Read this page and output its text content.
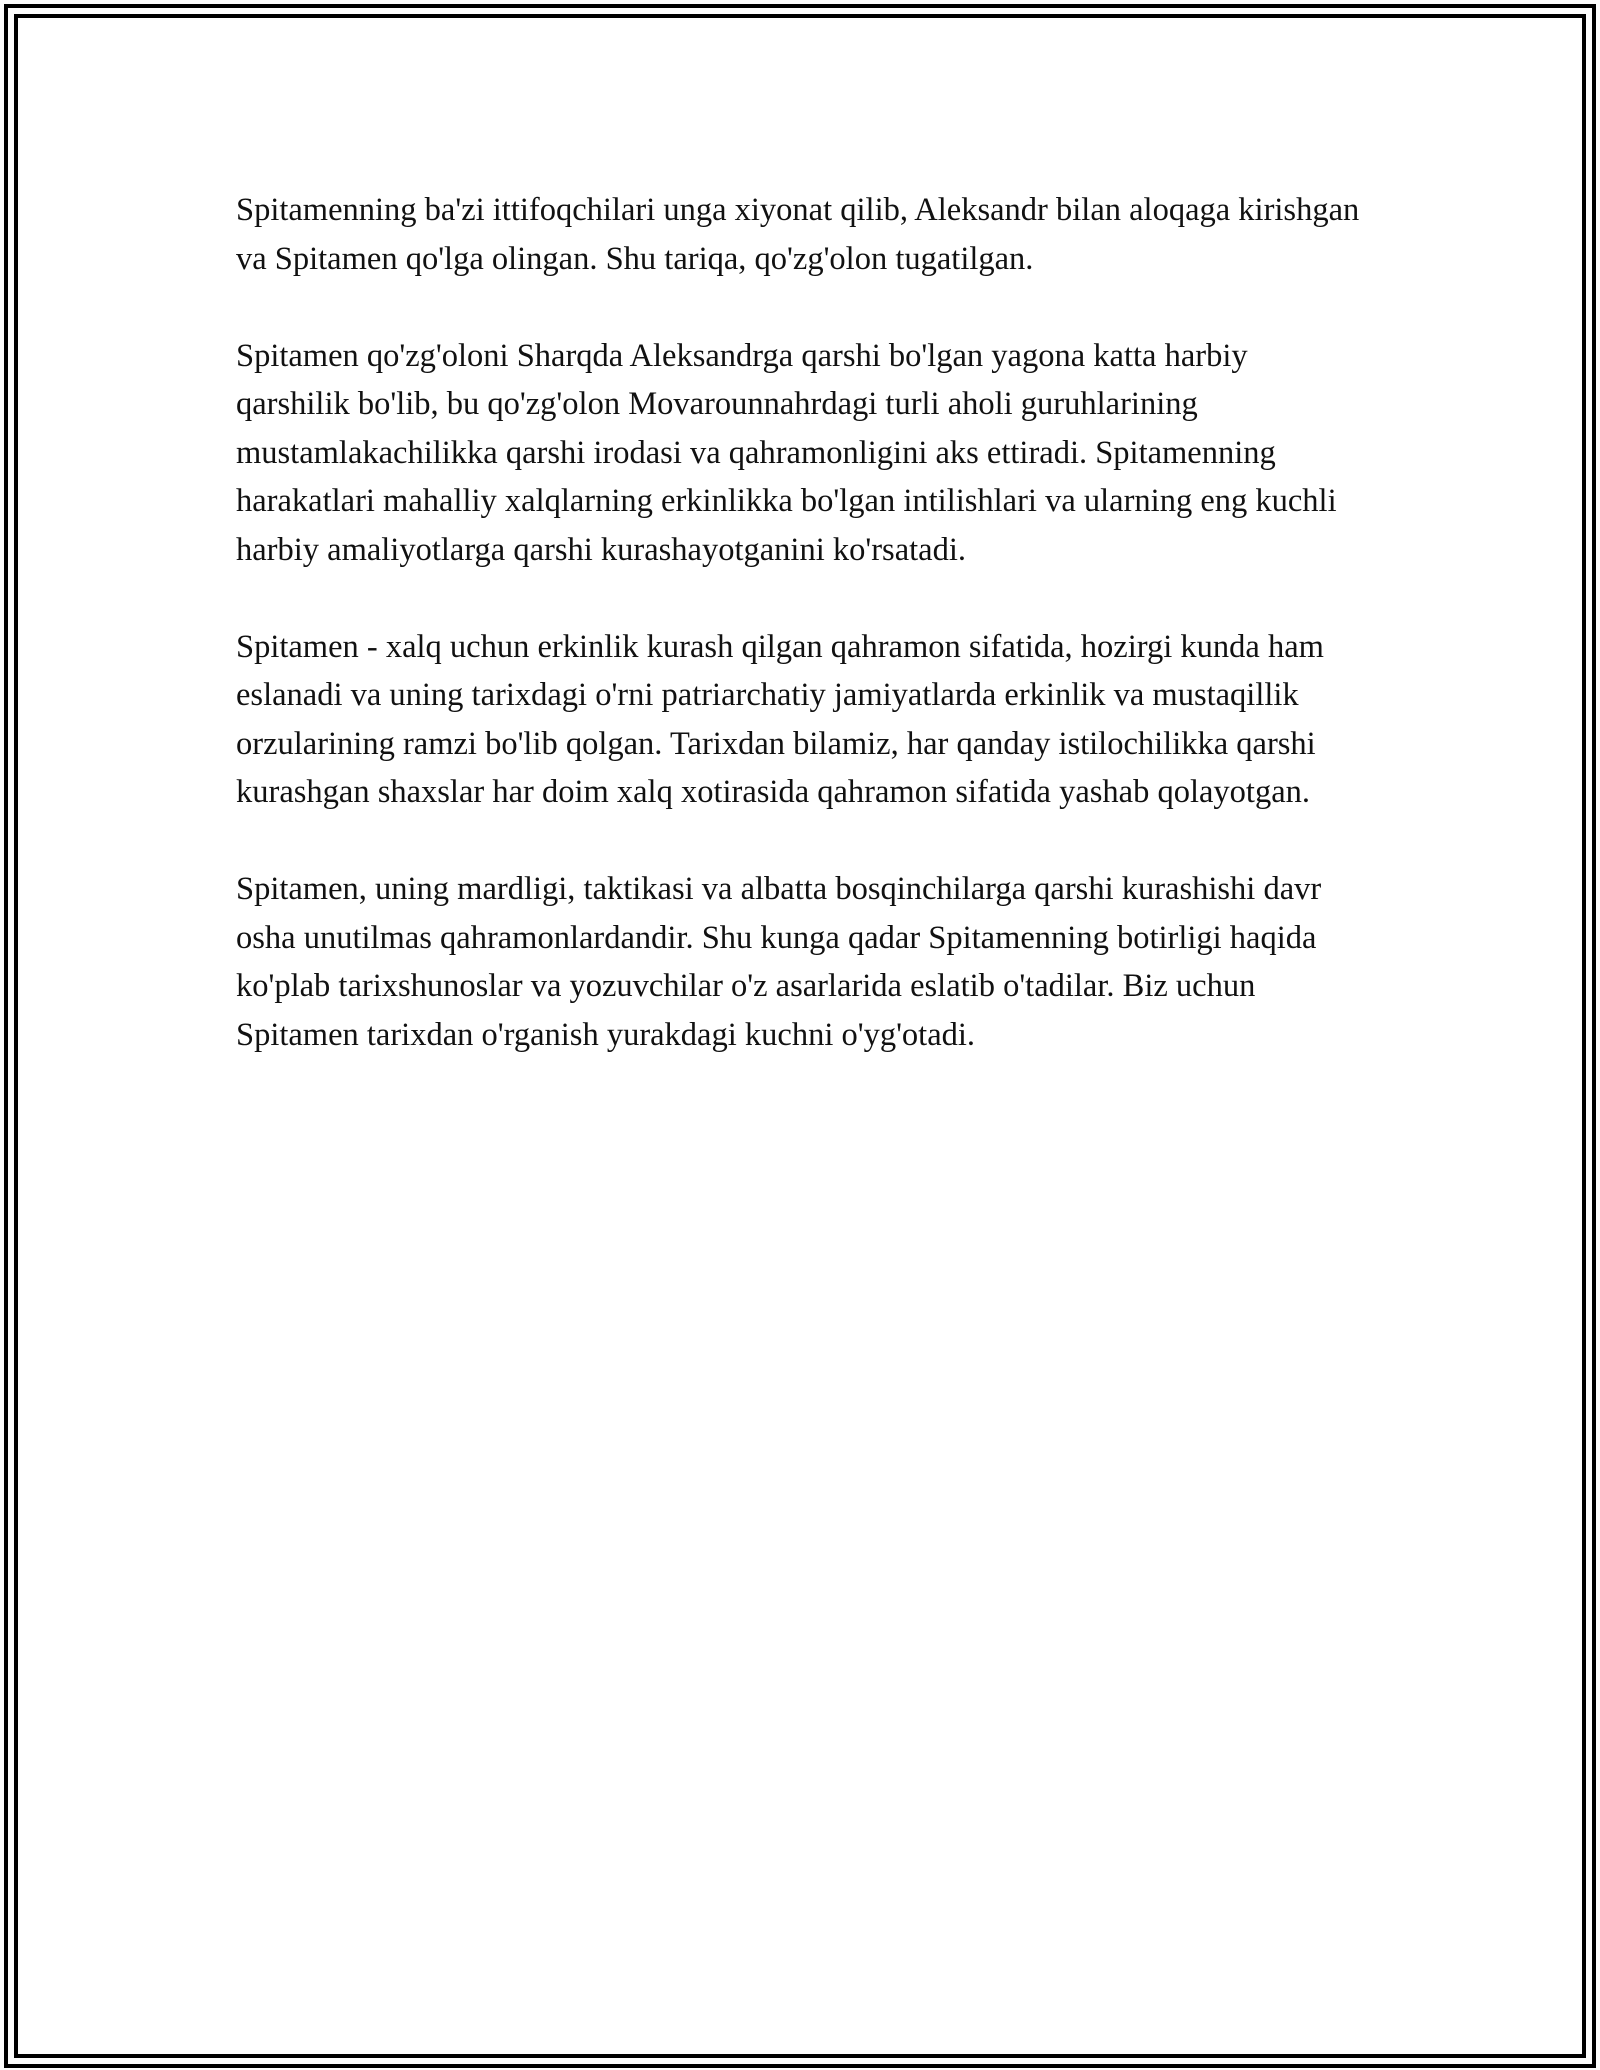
Spitamenning ba'zi ittifoqchilari unga xiyonat qilib, Aleksandr bilan aloqaga kirishgan va Spitamen qo'lga olingan. Shu tariqa, qo'zg'olon tugatilgan.

Spitamen qo'zg'oloni Sharqda Aleksandrga qarshi bo'lgan yagona katta harbiy qarshilik bo'lib, bu qo'zg'olon Movarounnahrdagi turli aholi guruhlarining mustamlakachilikka qarshi irodasi va qahramonligini aks ettiradi. Spitamenning harakatlari mahalliy xalqlarning erkinlikka bo'lgan intilishlari va ularning eng kuchli harbiy amaliyotlarga qarshi kurashayotganini ko'rsatadi.

Spitamen - xalq uchun erkinlik kurash qilgan qahramon sifatida, hozirgi kunda ham eslanadi va uning tarixdagi o'rni patriarchatiy jamiyatlarda erkinlik va mustaqillik orzularining ramzi bo'lib qolgan. Tarixdan bilamiz, har qanday istilochilikka qarshi kurashgan shaxslar har doim xalq xotirasida qahramon sifatida yashab qolayotgan.

Spitamen, uning mardligi, taktikasi va albatta bosqinchilarga qarshi kurashishi davr osha unutilmas qahramonlardandir. Shu kunga qadar Spitamenning botirligi haqida ko'plab tarixshunoslar va yozuvchilar o'z asarlarida eslatib o'tadilar. Biz uchun Spitamen tarixdan o'rganish yurakdagi kuchni o'yg'otadi.
